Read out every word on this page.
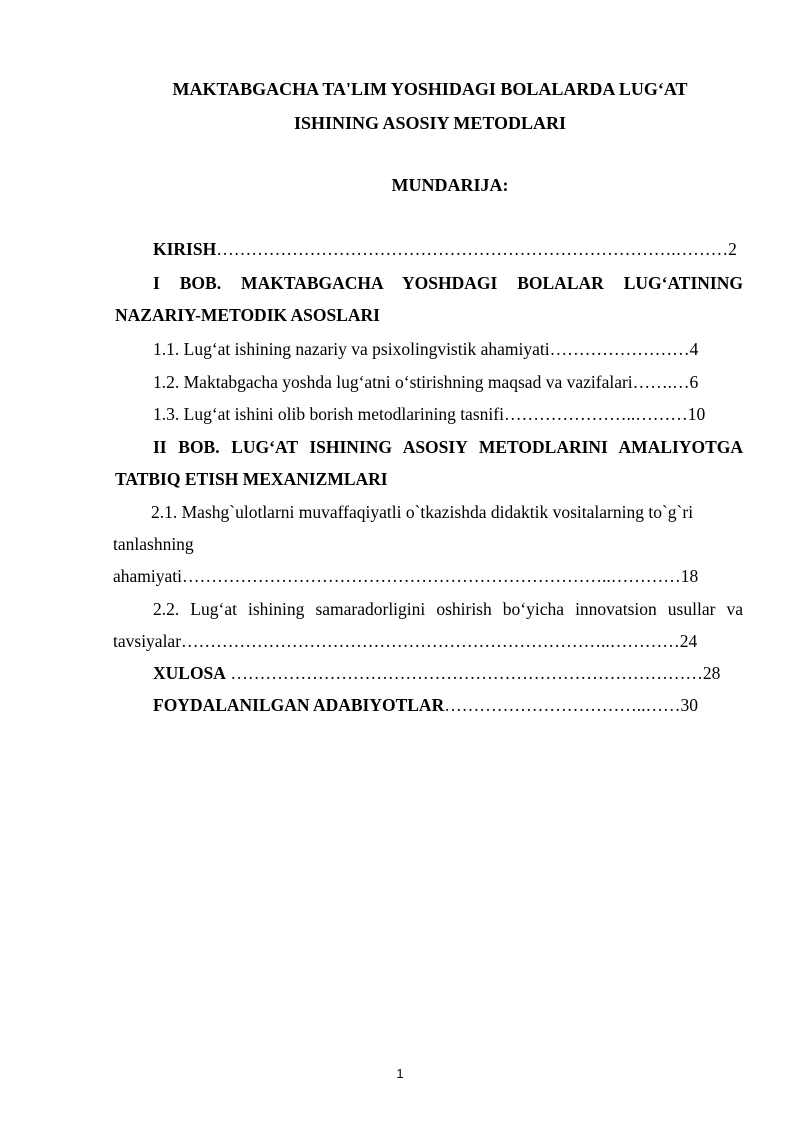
MAKTABGACHA TA'LIM YOSHIDAGI BOLALARDA LUG‘AT
ISHINING ASOSIY METODLARI
MUNDARIJA:
KIRISH…………………………………………………………………….………2
I BOB. MAKTABGACHA YOSHDAGI BOLALAR LUG‘ATINING
NAZARIY-METODIK ASOSLARI
1.1. Lug‘at ishining nazariy va psixolingvistik ahamiyati……………………4
1.2. Maktabgacha yoshda lug‘atni o‘stirishning maqsad va vazifalari…….…6
1.3. Lug‘at ishini olib borish metodlarining tasnifi…………………..………10
II BOB. LUG‘AT ISHINING ASOSIY METODLARINI AMALIYOTGA
TATBIQ ETISH MEXANIZMLARI
2.1. Mashg`ulotlarni muvaffaqiyatli o`tkazishda didaktik vositalarning to`g`ri
tanlashning
ahamiyati………………………………………………………………..…………18
2.2. Lug‘at ishining samaradorligini oshirish bo‘yicha innovatsion usullar va
tavsiyalar………………………………………………………………..…………24
XULOSA ………………………………………………………………………28
FOYDALANILGAN ADABIYOTLAR……………………………..……30
1
